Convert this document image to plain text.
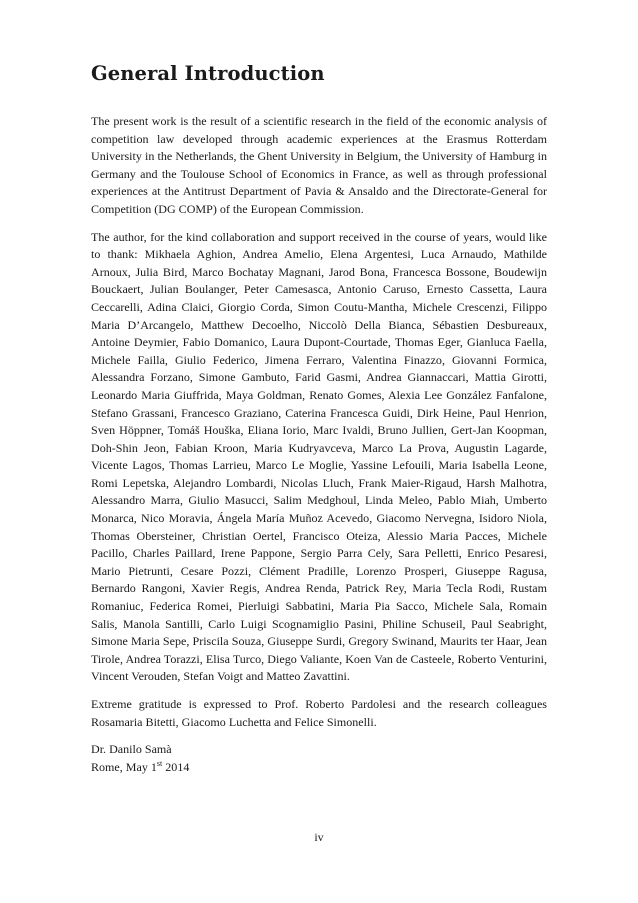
General Introduction

The present work is the result of a scientific research in the field of the economic analysis of competition law developed through academic experiences at the Erasmus Rotterdam University in the Netherlands, the Ghent University in Belgium, the University of Hamburg in Germany and the Toulouse School of Economics in France, as well as through professional experiences at the Antitrust Department of Pavia & Ansaldo and the Directorate-General for Competition (DG COMP) of the European Commission.

The author, for the kind collaboration and support received in the course of years, would like to thank: Mikhaela Aghion, Andrea Amelio, Elena Argentesi, Luca Arnaudo, Mathilde Arnoux, Julia Bird, Marco Bochatay Magnani, Jarod Bona, Francesca Bossone, Boudewijn Bouckaert, Julian Boulanger, Peter Camesasca, Antonio Caruso, Ernesto Cassetta, Laura Ceccarelli, Adina Claici, Giorgio Corda, Simon Coutu-Mantha, Michele Crescenzi, Filippo Maria D’Arcangelo, Matthew Decoelho, Niccolò Della Bianca, Sébastien Desbureaux, Antoine Deymier, Fabio Domanico, Laura Dupont-Courtade, Thomas Eger, Gianluca Faella, Michele Failla, Giulio Federico, Jimena Ferraro, Valentina Finazzo, Giovanni Formica, Alessandra Forzano, Simone Gambuto, Farid Gasmi, Andrea Giannaccari, Mattia Girotti, Leonardo Maria Giuffrida, Maya Goldman, Renato Gomes, Alexia Lee González Fanfalone, Stefano Grassani, Francesco Graziano, Caterina Francesca Guidi, Dirk Heine, Paul Henrion, Sven Höppner, Tomáš Houška, Eliana Iorio, Marc Ivaldi, Bruno Jullien, Gert-Jan Koopman, Doh-Shin Jeon, Fabian Kroon, Maria Kudryavceva, Marco La Prova, Augustin Lagarde, Vicente Lagos, Thomas Larrieu, Marco Le Moglie, Yassine Lefouili, Maria Isabella Leone, Romi Lepetska, Alejandro Lombardi, Nicolas Lluch, Frank Maier-Rigaud, Harsh Malhotra, Alessandro Marra, Giulio Masucci, Salim Medghoul, Linda Meleo, Pablo Miah, Umberto Monarca, Nico Moravia, Ángela María Muñoz Acevedo, Giacomo Nervegna, Isidoro Niola, Thomas Obersteiner, Christian Oertel, Francisco Oteiza, Alessio Maria Pacces, Michele Pacillo, Charles Paillard, Irene Pappone, Sergio Parra Cely, Sara Pelletti, Enrico Pesaresi, Mario Pietrunti, Cesare Pozzi, Clément Pradille, Lorenzo Prosperi, Giuseppe Ragusa, Bernardo Rangoni, Xavier Regis, Andrea Renda, Patrick Rey, Maria Tecla Rodi, Rustam Romaniuc, Federica Romei, Pierluigi Sabbatini, Maria Pia Sacco, Michele Sala, Romain Salis, Manola Santilli, Carlo Luigi Scognamiglio Pasini, Philine Schuseil, Paul Seabright, Simone Maria Sepe, Priscila Souza, Giuseppe Surdi, Gregory Swinand, Maurits ter Haar, Jean Tirole, Andrea Torazzi, Elisa Turco, Diego Valiante, Koen Van de Casteele, Roberto Venturini, Vincent Verouden, Stefan Voigt and Matteo Zavattini.

Extreme gratitude is expressed to Prof. Roberto Pardolesi and the research colleagues Rosamaria Bitetti, Giacomo Luchetta and Felice Simonelli.

Dr. Danilo Samà

Rome, May 1st 2014

iv
